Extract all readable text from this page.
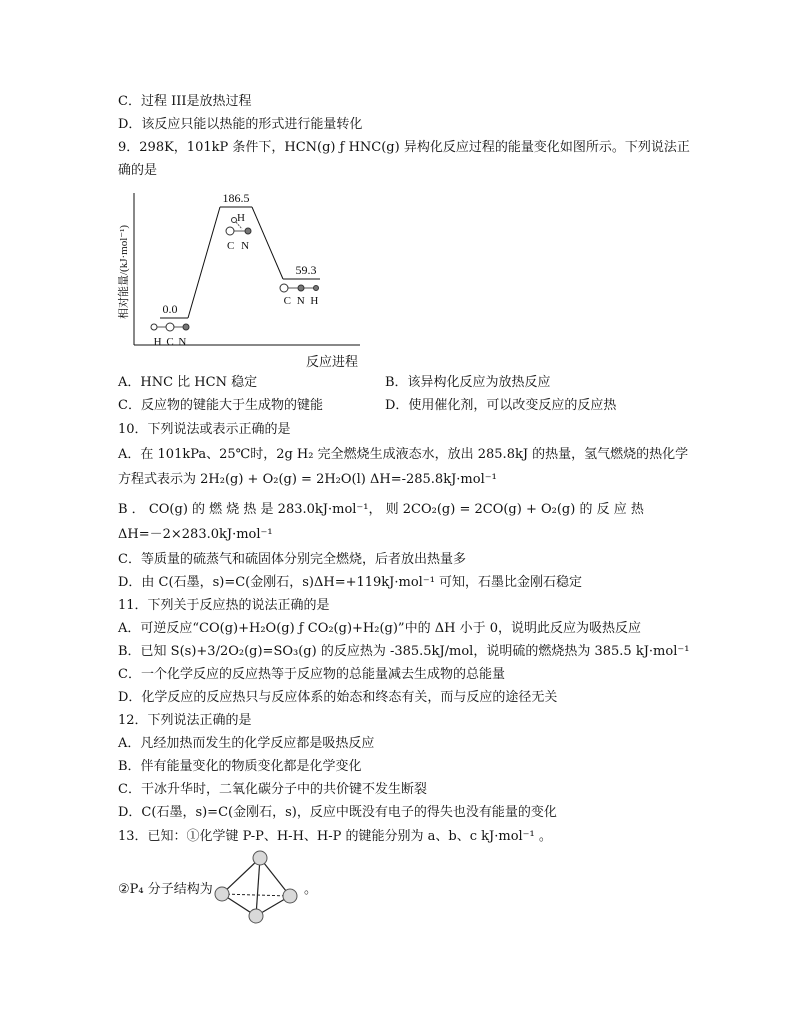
C．过程 III是放热过程
D．该反应只能以热能的形式进行能量转化
9．298K，101kP 条件下，HCN(g) ƒ HNC(g) 异构化反应过程的能量变化如图所示。下列说法正
确的是
相对能量/(kJ·mol⁻¹)
反应进程
0.0
186.5
59.3
H C N
H
C N
C N H
A．HNC 比 HCN 稳定	B．该异构化反应为放热反应
C．反应物的键能大于生成物的键能	D．使用催化剂，可以改变反应的反应热
10．下列说法或表示正确的是
A．在 101kPa、25℃时，2g H₂ 完全燃烧生成液态水，放出 285.8kJ 的热量，氢气燃烧的热化学
方程式表示为 2H₂(g) + O₂(g) = 2H₂O(l) ΔH=-285.8kJ·mol⁻¹
B ． CO(g) 的 燃 烧 热 是 283.0kJ·mol⁻¹， 则 2CO₂(g) = 2CO(g) + O₂(g) 的 反 应 热
ΔH=－2×283.0kJ·mol⁻¹
C．等质量的硫蒸气和硫固体分别完全燃烧，后者放出热量多
D．由 C(石墨，s)=C(金刚石，s)ΔH=+119kJ·mol⁻¹ 可知，石墨比金刚石稳定
11．下列关于反应热的说法正确的是
A．可逆反应“CO(g)+H₂O(g) ƒ CO₂(g)+H₂(g)”中的 ΔH 小于 0，说明此反应为吸热反应
B．已知 S(s)+3/2O₂(g)=SO₃(g) 的反应热为 -385.5kJ/mol，说明硫的燃烧热为 385.5 kJ·mol⁻¹
C．一个化学反应的反应热等于反应物的总能量减去生成物的总能量
D．化学反应的反应热只与反应体系的始态和终态有关，而与反应的途径无关
12．下列说法正确的是
A．凡经加热而发生的化学反应都是吸热反应
B．伴有能量变化的物质变化都是化学变化
C．干冰升华时，二氧化碳分子中的共价键不发生断裂
D．C(石墨，s)=C(金刚石，s)，反应中既没有电子的得失也没有能量的变化
13．已知：①化学键 P-P、H-H、H-P 的键能分别为 a、b、c kJ·mol⁻¹ 。
②P₄ 分子结构为	。
